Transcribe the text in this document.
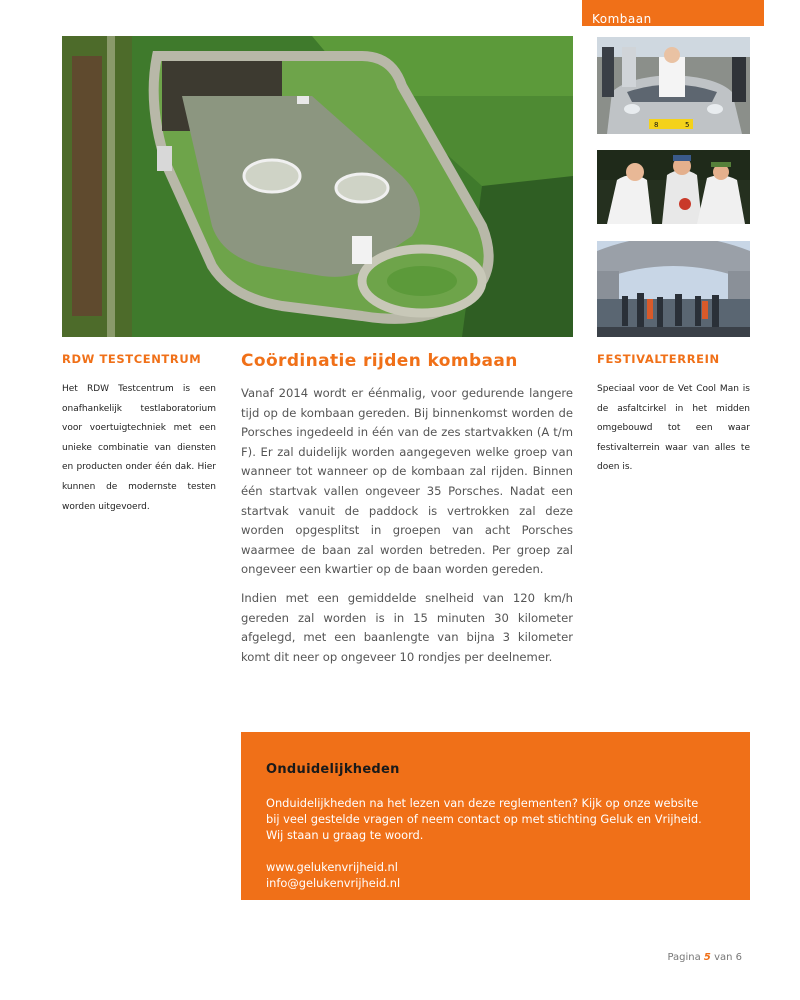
Kombaan
8	5
RDW TESTCENTRUM
Het RDW Testcentrum is een onafhankelijk testlaboratorium voor voertuigtechniek met een unieke combinatie van diensten en producten onder één dak. Hier kunnen de modernste testen worden uitgevoerd.
Coördinatie rijden kombaan

Vanaf 2014 wordt er éénmalig, voor gedurende langere tijd op de kombaan gereden. Bij binnenkomst worden de Porsches ingedeeld in één van de zes startvakken (A t/m F). Er zal duidelijk worden aangegeven welke groep van wanneer tot wanneer op de kombaan zal rijden. Binnen één startvak vallen ongeveer 35 Porsches. Nadat een startvak vanuit de paddock is vertrokken zal deze worden opgesplitst in groepen van acht Porsches waarmee de baan zal worden betreden. Per groep zal ongeveer een kwartier op de baan worden gereden.

Indien met een gemiddelde snelheid van 120 km/h gereden zal worden is in 15 minuten 30 kilometer afgelegd, met een baanlengte van bijna 3 kilometer komt dit neer op ongeveer 10 rondjes per deelnemer.

FESTIVALTERREIN
Speciaal voor de Vet Cool Man is de asfaltcirkel in het midden omgebouwd tot een waar festivalterrein waar van alles te doen is.
Onduidelijkheden

Onduidelijkheden na het lezen van deze reglementen? Kijk op onze website

bij veel gestelde vragen of neem contact op met stichting Geluk en Vrijheid.

Wij staan u graag te woord.

www.gelukenvrijheid.nl

info@gelukenvrijheid.nl

Pagina 5 van 6
